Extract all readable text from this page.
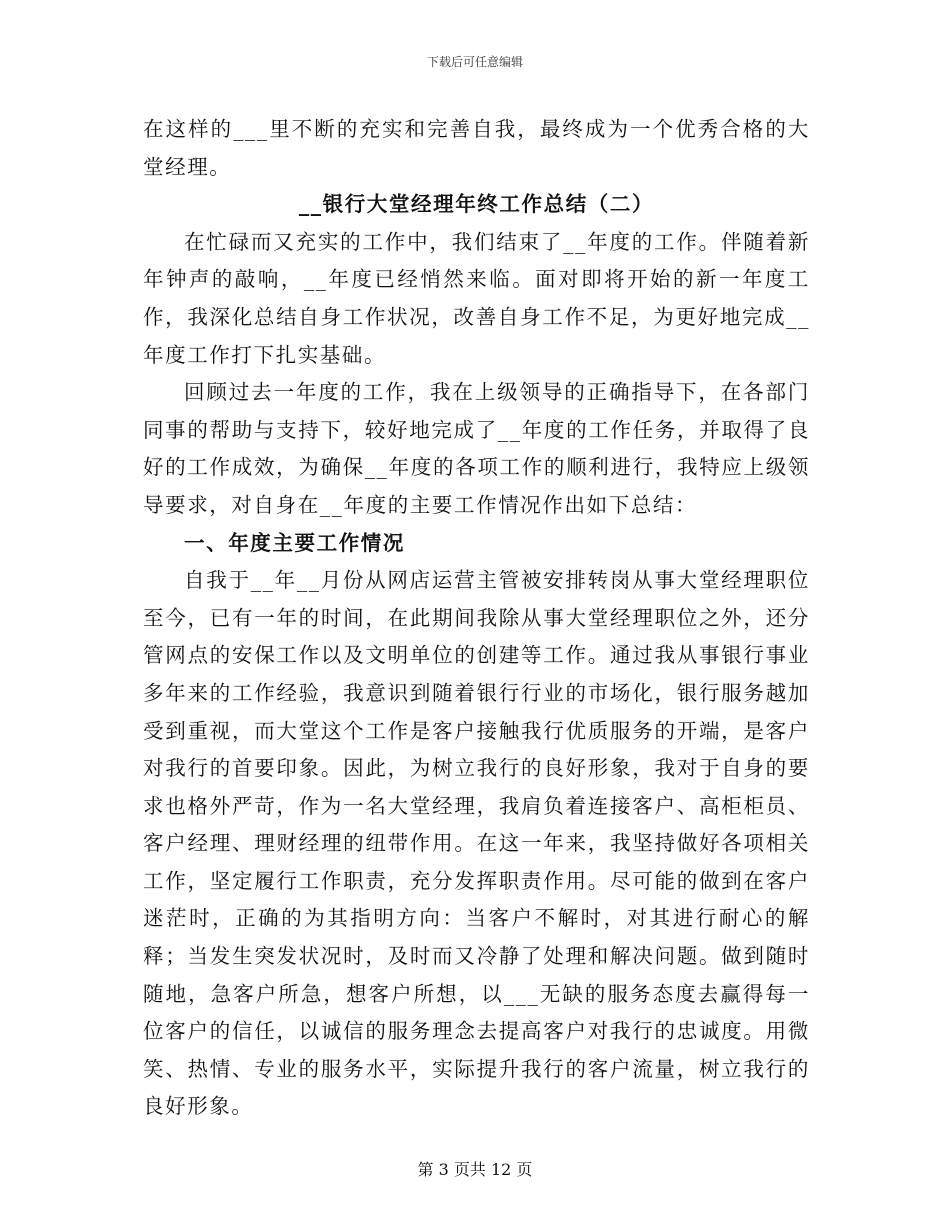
下载后可任意编辑

在这样的___里不断的充实和完善自我，最终成为一个优秀合格的大堂经理。

__银行大堂经理年终工作总结（二）

在忙碌而又充实的工作中，我们结束了__年度的工作。伴随着新年钟声的敲响，__年度已经悄然来临。面对即将开始的新一年度工作，我深化总结自身工作状况，改善自身工作不足，为更好地完成__年度工作打下扎实基础。

回顾过去一年度的工作，我在上级领导的正确指导下，在各部门同事的帮助与支持下，较好地完成了__年度的工作任务，并取得了良好的工作成效，为确保__年度的各项工作的顺利进行，我特应上级领导要求，对自身在__年度的主要工作情况作出如下总结：

一、年度主要工作情况

自我于__年__月份从网店运营主管被安排转岗从事大堂经理职位至今，已有一年的时间，在此期间我除从事大堂经理职位之外，还分管网点的安保工作以及文明单位的创建等工作。通过我从事银行事业多年来的工作经验，我意识到随着银行行业的市场化，银行服务越加受到重视，而大堂这个工作是客户接触我行优质服务的开端，是客户对我行的首要印象。因此，为树立我行的良好形象，我对于自身的要求也格外严苛，作为一名大堂经理，我肩负着连接客户、高柜柜员、客户经理、理财经理的纽带作用。在这一年来，我坚持做好各项相关工作，坚定履行工作职责，充分发挥职责作用。尽可能的做到在客户迷茫时，正确的为其指明方向：当客户不解时，对其进行耐心的解释；当发生突发状况时，及时而又冷静了处理和解决问题。做到随时随地，急客户所急，想客户所想，以___无缺的服务态度去赢得每一位客户的信任，以诚信的服务理念去提高客户对我行的忠诚度。用微笑、热情、专业的服务水平，实际提升我行的客户流量，树立我行的良好形象。

第 3 页共 12 页
